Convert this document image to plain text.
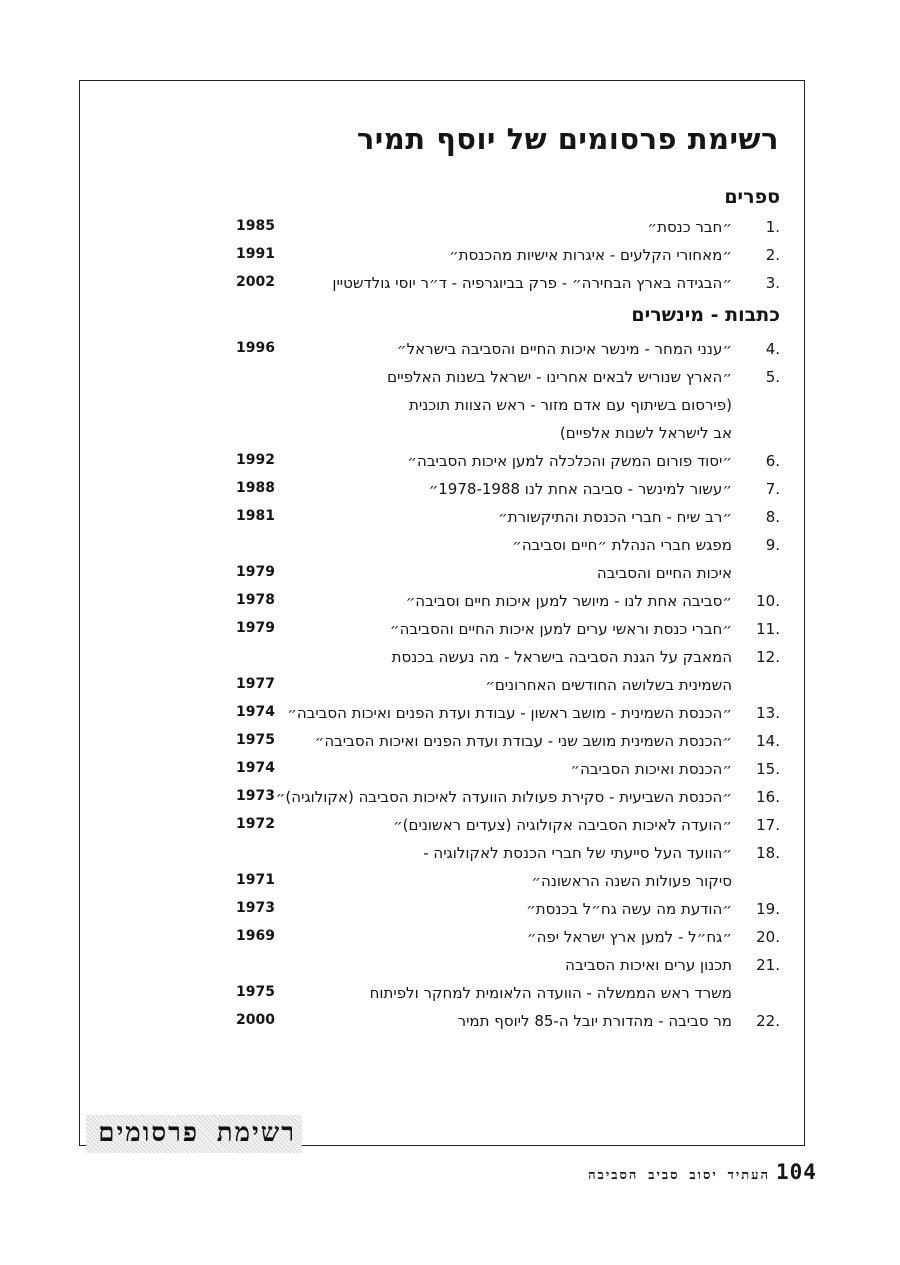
רשימת פרסומים של יוסף תמיר
ספרים
כתבות - מינשרים
1.
״חבר כנסת״
1985
2.
״מאחורי הקלעים - איגרות אישיות מהכנסת״
1991
3.
״הבגידה בארץ הבחירה״ - פרק בביוגרפיה - ד״ר יוסי גולדשטיין
2002
4.
״ענני המחר - מינשר איכות החיים והסביבה בישראל״
1996
5.
״הארץ שנוריש לבאים אחרינו - ישראל בשנות האלפיים
(פירסום בשיתוף עם אדם מזור - ראש הצוות תוכנית
אב לישראל לשנות אלפיים)
6.
״יסוד פורום המשק והכלכלה למען איכות הסביבה״
1992
7.
״עשור למינשר - סביבה אחת לנו 1978-1988״
1988
8.
״רב שיח - חברי הכנסת והתיקשורת״
1981
9.
מפגש חברי הנהלת ״חיים וסביבה״
איכות החיים והסביבה
1979
10.
״סביבה אחת לנו - מיושר למען איכות חיים וסביבה״
1978
11.
״חברי כנסת וראשי ערים למען איכות החיים והסביבה״
1979
12.
המאבק על הגנת הסביבה בישראל - מה נעשה בכנסת
השמינית בשלושה החודשים האחרונים״
1977
13.
״הכנסת השמינית - מושב ראשון - עבודת ועדת הפנים ואיכות הסביבה״
1974
14.
״הכנסת השמינית מושב שני - עבודת ועדת הפנים ואיכות הסביבה״
1975
15.
״הכנסת ואיכות הסביבה״
1974
16.
״הכנסת השביעית - סקירת פעולות הוועדה לאיכות הסביבה (אקולוגיה)״
1973
17.
״הועדה לאיכות הסביבה אקולוגיה (צעדים ראשונים)״
1972
18.
״הוועד העל סייעתי של חברי הכנסת לאקולוגיה -
סיקור פעולות השנה הראשונה״
1971
19.
״הודעת מה עשה גח״ל בכנסת״
1973
20.
״גח״ל - למען ארץ ישראל יפה״
1969
21.
תכנון ערים ואיכות הסביבה
משרד ראש הממשלה - הוועדה הלאומית למחקר ולפיתוח
1975
22.
מר סביבה - מהדורת יובל ה-85 ליוסף תמיר
2000
רשימת פרסומים
העתיד יסוב סביב הסביבה 104
